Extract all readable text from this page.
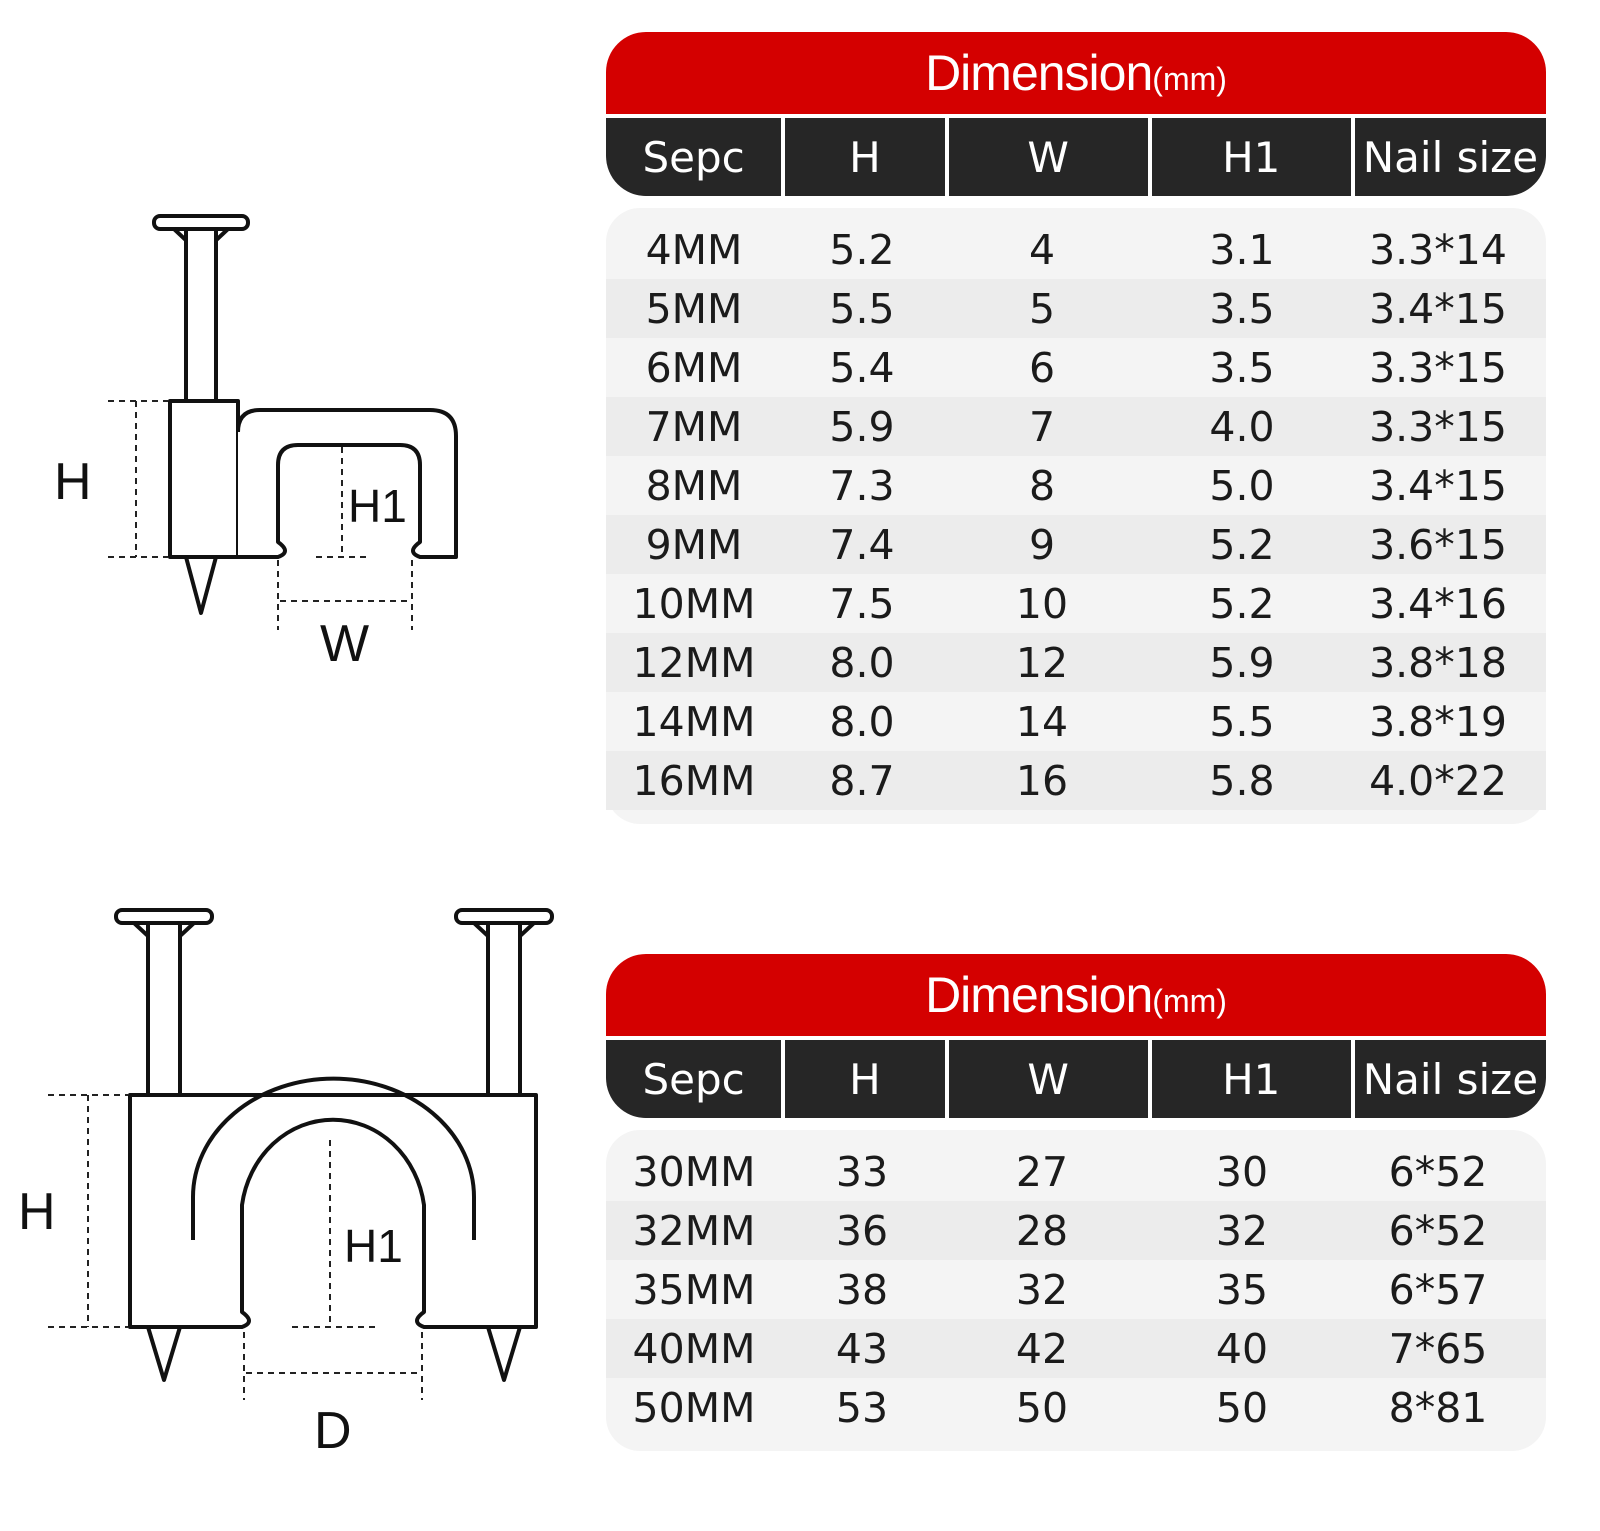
H	H1
W
H
H1
D
Dimension (mm)
Sepc	H	W	H1	Nail size
4MM	5.2	4	3.1	3.3*14
5MM	5.5	5	3.5	3.4*15
6MM	5.4	6	3.5	3.3*15
7MM	5.9	7	4.0	3.3*15
8MM	7.3	8	5.0	3.4*15
9MM	7.4	9	5.2	3.6*15
10MM	7.5	10	5.2	3.4*16
12MM	8.0	12	5.9	3.8*18
14MM	8.0	14	5.5	3.8*19
16MM	8.7	16	5.8	4.0*22
Dimension (mm)
Sepc	H	W	H1	Nail size
30MM	33	27	30	6*52
32MM	36	28	32	6*52
35MM	38	32	35	6*57
40MM	43	42	40	7*65
50MM	53	50	50	8*81
